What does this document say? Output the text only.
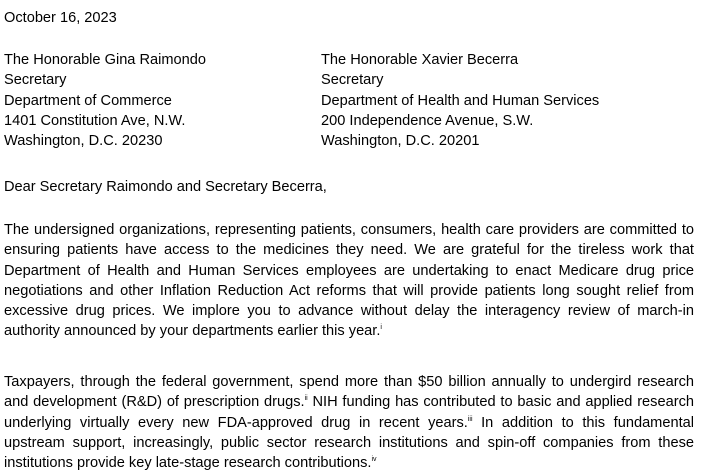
October 16, 2023

The Honorable Gina Raimondo
Secretary
Department of Commerce
1401 Constitution Ave, N.W.
Washington, D.C. 20230
The Honorable Xavier Becerra
Secretary
Department of Health and Human Services
200 Independence Avenue, S.W.
Washington, D.C. 20201
Dear Secretary Raimondo and Secretary Becerra,

The undersigned organizations, representing patients, consumers, health care providers are committed to ensuring patients have access to the medicines they need. We are grateful for the tireless work that Department of Health and Human Services employees are undertaking to enact Medicare drug price negotiations and other Inflation Reduction Act reforms that will provide patients long sought relief from excessive drug prices. We implore you to advance without delay the interagency review of march-in authority announced by your departments earlier this year.$^i$

Taxpayers, through the federal government, spend more than $50 billion annually to undergird research and development (R&D) of prescription drugs.$^{ii}$ NIH funding has contributed to basic and applied research underlying virtually every new FDA-approved drug in recent years.$^{iii}$ In addition to this fundamental upstream support, increasingly, public sector research institutions and spin-off companies from these institutions provide key late-stage research contributions.$^{iv}$
